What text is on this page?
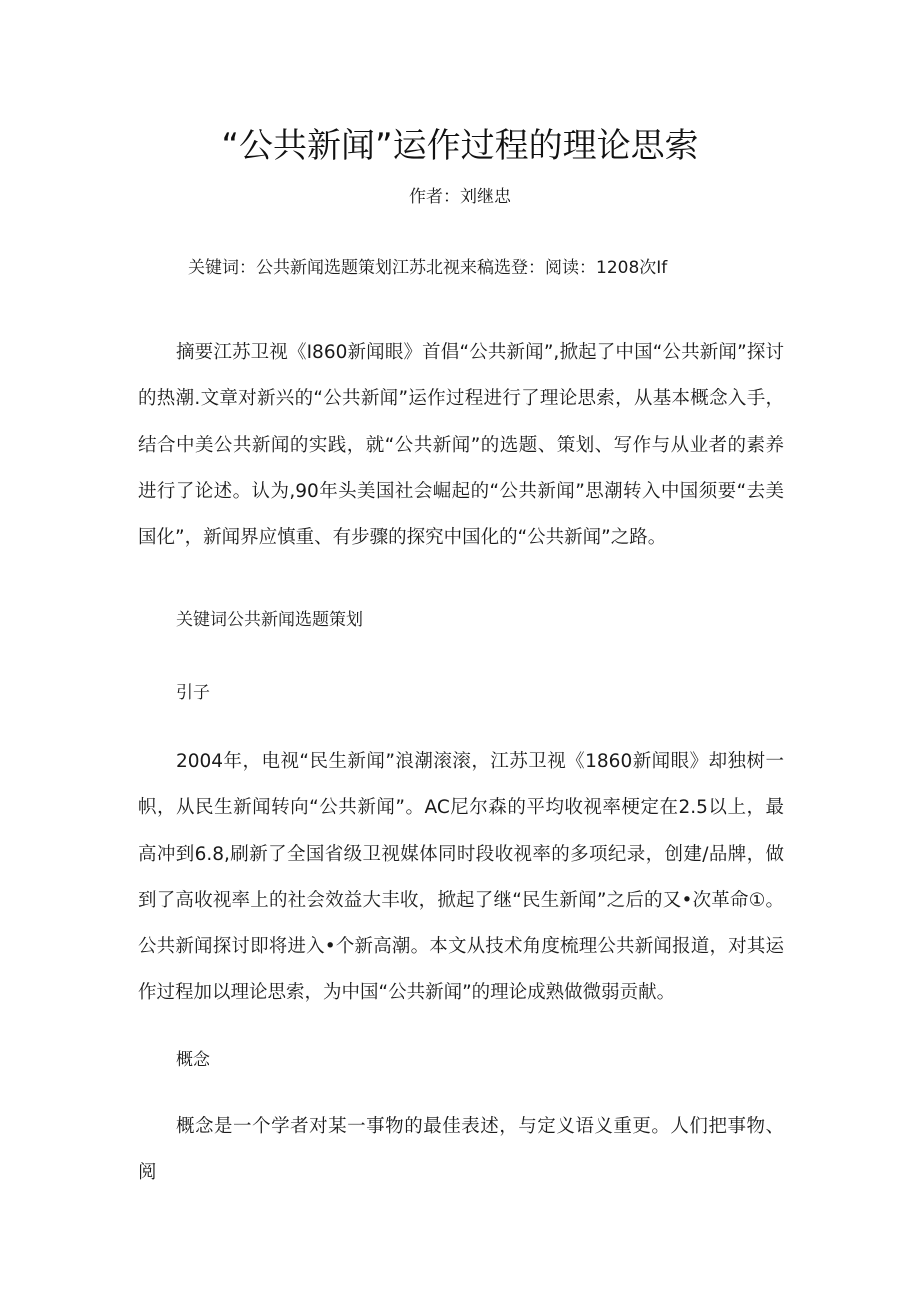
“公共新闻”运作过程的理论思索
作者：刘继忠
关键词：公共新闻选题策划江苏北视来稿选登：阅读：1208次If

摘要江苏卫视《I860新闻眼》首倡“公共新闻”,掀起了中国“公共新闻”探讨的热潮.文章对新兴的“公共新闻”运作过程进行了理论思索，从基本概念入手，结合中美公共新闻的实践，就“公共新闻”的选题、策划、写作与从业者的素养进行了论述。认为,90年头美国社会崛起的“公共新闻”思潮转入中国须要“去美国化”，新闻界应慎重、有步骤的探究中国化的“公共新闻”之路。

关键词公共新闻选题策划
引子

2004年，电视“民生新闻”浪潮滚滚，江苏卫视《1860新闻眼》却独树一帜，从民生新闻转向“公共新闻”。AC尼尔森的平均收视率梗定在2.5以上，最高冲到6.8,刷新了全国省级卫视媒体同时段收视率的多项纪录，创建/品牌，做到了高收视率上的社会效益大丰收，掀起了继“民生新闻”之后的又•次革命①。公共新闻探讨即将进入•个新高潮。本文从技术角度梳理公共新闻报道，对其运作过程加以理论思索，为中国“公共新闻”的理论成熟做微弱贡献。

概念

概念是一个学者对某一事物的最佳表述，与定义语义重更。人们把事物、阅
